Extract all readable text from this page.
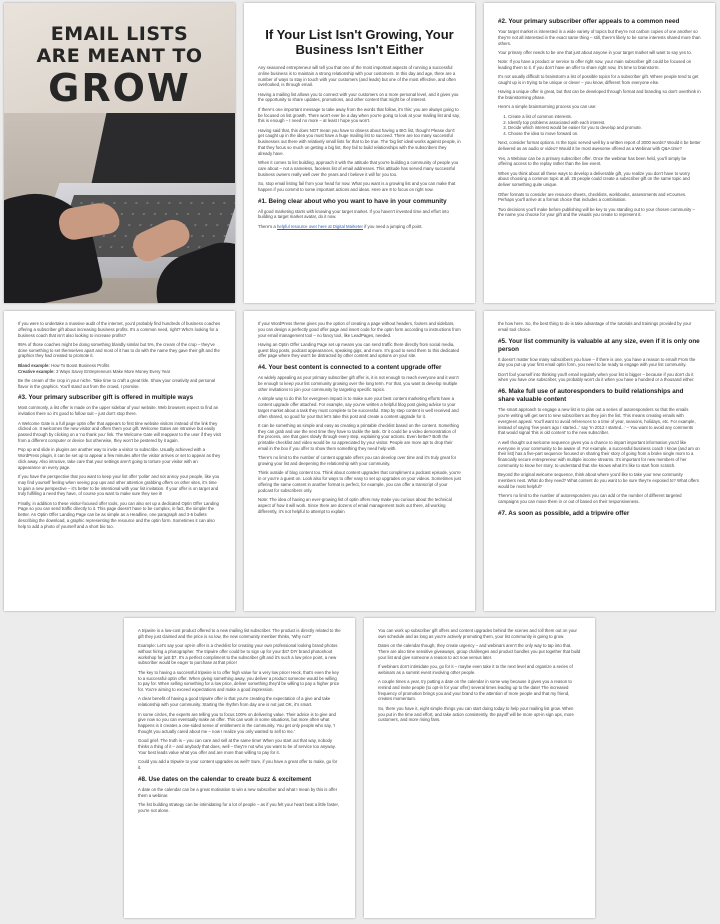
EMAIL LISTS
ARE MEANT TO
GROW
If Your List Isn't Growing, Your Business Isn't Either

Any seasoned entrepreneur will tell you that one of the most important aspects of running a successful online business is to maintain a strong relationship with your customers. In this day and age, there are a number of ways to stay in touch with your customers (and leads) but one of the most effective, and often overlooked, is through email.

Having a mailing list allows you to connect with your customers on a more personal level, and it gives you the opportunity to share updates, promotions, and other content that might be of interest.

If there's one important message to take away from the words that follow, it's this: you are always going to be focused on list growth. There won't ever be a day when you're going to look at your mailing list and say, this is enough – I need no more – at least I hope you won't.

Having said that, this does NOT mean you have to obsess about having a BIG list, though! Please don't get caught up in the idea you must have a huge mailing list to succeed. There are too many successful businesses out there with relatively small lists for that to be true. The 'big list' ideal works against people, in that they focus so much on getting a big list, they fail to build relationships with the subscribers they already have.

When it comes to list building, approach it with the attitude that you're building a community of people you care about – not a nameless, faceless list of email addresses. This attitude has served many successful business owners really well over the years and I believe it will for you too.

So, stop email listing fail from your head for now. What you want is a growing list and you can make that happen if you commit to some important actions and ideas. Here are 8 to focus on right now.

#1. Being clear about who you want to have in your community

All good marketing starts with knowing your target market. If you haven't invested time and effort into building a target market avatar, do it now.

There's a helpful resource over here at Digital Marketer if you need a jumping off point.

#2. Your primary subscriber offer appeals to a common need

Your target market is interested in a wide variety of topics but they're not carbon copies of one another so they're not all interested in the exact same thing – still, there's likely to be some interests shared more than others.

Your primary offer needs to be one that just about anyone in your target market will want to say yes to.

Note: If you have a product or service to offer right now, your main subscriber gift could be focused on leading them to it. If you don't have an offer to share right now, it's time to brainstorm.

It's not usually difficult to brainstorm a list of possible topics for a subscriber gift. Where people tend to get caught up is in trying to be unique or clever – you know, different from everyone else.

Having a unique offer is great, but that can be developed through format and branding so don't overthink in the brainstorming phase.

Here's a simple brainstorming process you can use:

1. Create a list of common interests.
2. Identify top problems associated with each interest.
3. Decide which interest would be easier for you to develop and promote.
4. Choose the idea to move forward on.

Next, consider format options. Is the topic served well by a written report of 3000 words? Would it be better delivered as an audio or video? Would it be most awesome offered as a Webinar with Q&A time?

Yes, a Webinar can be a primary subscriber offer. Once the webinar has been held, you'll simply be offering access to the replay rather than the live event.

When you think about all these ways to develop a deliverable gift, you realize you don't have to worry about choosing a common topic at all. 25 people could create a subscriber gift on the same topic and deliver something quite unique.

Other formats to consider are resource sheets, checklists, workbooks, assessments and eCourses. Perhaps you'll arrive at a format choice that includes a combination.

Two decisions you'll make before publishing will be key to you standing out to your chosen community – the name you choose for your gift and the visuals you create to represent it.

If you were to undertake a massive audit of the internet, you'd probably find hundreds of business coaches offering a subscriber gift about increasing business profits. It's a common need, right? Who's looking for a business coach that isn't also looking to increase profits?

95% of those coaches might be doing something blandly similar but 5%, the cream of the crop – they've done something to set themselves apart and most of it has to do with the name they gave their gift and the graphics they had created to promote it.

Bland example: How To Boost Business Profits

Creative example: 3 Ways Savvy Entrepreneurs Make More Money Every Year

Be the cream of the crop in your niche. Take time to craft a great title. Show your creativity and personal flavor in the graphics. You'll stand out from the crowd, I promise.

#3. Your primary subscriber gift is offered in multiple ways

Most commonly, a list offer is made on the upper sidebar of your website. Web browsers expect to find an invitation there so it's good to follow suit – just don't stop there.

A Welcome Gate is a full page optin offer that appears to first time website visitors instead of the link they clicked on. It welcomes the new visitor and offers them your gift. Welcome Gates are intrusive but easily passed through by clicking on a 'no thank you' link. The Welcome Gate will reappear to the user if they visit from a different computer or device but otherwise, they won't be pestered by it again.

Pop up and slide in plugins are another way to invite a visitor to subscribe. Usually achieved with a WordPress plugin, it can be set up to appear a few minutes after the visitor arrives or set to appear as they click away. Also intrusive, take care that your settings aren't going to torture your visitor with an appearance on every page.

If you have the perspective that you want to keep your list offer 'polite' and not annoy your people, like you may find yourself feeling when seeing pop ups and other attention grabbing offers on other sites, it's time to gain a new perspective – it's better to be intentional with your list invitation. If your offer is on target and truly fulfilling a need they have, of course you want to make sure they see it!

Finally, in addition to these visitor-focused offer tools, you can also set up a dedicated Optin Offer Landing Page so you can send traffic directly to it. This page doesn't have to be complex, in fact, the simpler the better. An Optin Offer Landing Page can be as simple as a Headline, one paragraph and 3-5 bullets describing the download, a graphic representing the resource and the optin form. Sometimes it can also help to add a photo of yourself and a short bio too.

If your WordPress theme gives you the option of creating a page without headers, footers and sidebars, you can design a perfectly good offer page and insert code for the optin form according to instructions from your email management tool – no fancy tool, like LeadPages, needed.

Having an Optin Offer Landing Page set up means you can send traffic there directly from social media, guest blog posts, podcast appearances, speaking gigs, and more. It's good to send them to this dedicated offer page where they won't be distracted by other content and options on your site.

#4. Your best content is connected to a content upgrade offer

As widely appealing as your primary subscriber gift offer is, it is not enough to reach everyone and it won't be enough to keep your list community growing over the long term. For that, you want to develop multiple other invitations to join your community by targeting specific topics.

A simple way to do this for evergreen impact is to make sure your best content marketing efforts have a content upgrade offer attached. For example, say you've written a helpful blog post giving advice to your target market about a task they must complete to be successful. Step by step content is well received and often shared, so good for you! But let's take this post and create a content upgrade for it.

It can be something as simple and easy as creating a printable checklist based on the content. Something they can grab and use the next time they have to tackle the task. Or it could be a video demonstration of the process, one that goes slowly through every step, explaining your actions. Even better? Both the printable checklist and video would be so appreciated by your visitor. People are more apt to drop their email in the box if you offer to show them something they need help with.

There's no limit to the number of content upgrade offers you can develop over time and it's truly great for growing your list and deepening the relationship with your community.

Think outside of blog content too. Think about content upgrades that compliment a podcast episode, you're in or you're a guest on. Look also for ways to offer easy to set up upgrades on your videos. Sometimes just offering the same content in another format is perfect, for example, you can offer a transcript of your podcast for subscribers only.

Note: The idea of having an ever-growing list of optin offers may make you curious about the technical aspect of how it will work. Since there are dozens of email management tools out there, all working differently, it's not helpful to attempt to explain

the how here. So, the best thing to do is take advantage of the tutorials and trainings provided by your email tool choice.

#5. Your list community is valuable at any size, even if it is only one person

It doesn't matter how many subscribers you have – if there is one, you have a reason to email! From the day you put up your first email optin form, you need to be ready to engage with your list community.

Don't fool yourself into thinking you'll email regularly when your list is bigger – because if you don't do it when you have one subscriber, you probably won't do it when you have a hundred or a thousand either.

#6. Make full use of autoresponders to build relationships and share valuable content

The smart approach to engage a new list is to plan out a series of autoresponders so that the emails you're writing will get sent to new subscribers as they join the list. This means creating emails with evergreen appeal. You'll want to avoid references to a time of year, seasons, holidays, etc. For example, instead of saying 'few years ago I started...' say 'In 2012 I started...' – You want to avoid any comments that would signal 'this is old content' to the new subscriber.

A well thought out welcome sequence gives you a chance to impart important information you'd like everyone in your community to be aware of. For example, a successful business coach I know (and am on their list) has a five-part sequence focused on sharing their story of going from a broke single mom to a financially secure entrepreneur with multiple income streams. It's important for new members of her community to know her story, to understand that she knows what it's like to start from scratch.

Beyond the original welcome sequence, think about where you'd like to take your new community members next. What do they need? What content do you want to be sure they're exposed to? What offers would be most helpful?

There's no limit to the number of autoresponders you can add or the number of different targeted campaigns you can move them in or out of based on their responsiveness.

#7. As soon as possible, add a tripwire offer

A tripwire is a low-cost product offered to a new mailing list subscriber. The product is directly related to the gift they just claimed and the price is so low, the new community member thinks, 'Why not?'

Example: Let's say your opt-in offer is a checklist for creating your own professional looking brand photos without hiring a photographer. The tripwire offer could be to sign up for your $47 DIY brand photoshoot workshop for just $7. It's a perfect compliment to the subscriber gift and it's such a low price point, a new subscriber would be eager to purchase at that price!

The key to having a successful tripwire is to offer high value for a very low price! Heck, that's even the key to a successful optin offer. When giving something away, you deliver a product someone would be willing to pay for. When selling something for a low price, deliver something they'd be willing to pay a higher price for. You're aiming to exceed expectations and make a good impression.

A clear benefit of having a good tripwire offer is that you're creating the expectation of a give and take relationship with your community. Starting the rhythm from day one is not just OK, it's smart.

In some circles, the experts are telling you to focus 100% on delivering value. Their advice is to give and give now so you can eventually make an offer. This can work in some situations, but more often what happens is it creates a one-sided sense of entitlement in the community. You get only people who say, 'I thought you actually cared about me – now I realize you only wanted to sell to me.'

Good grief. The truth is – you can care and sell at the same time! When you start out that way, nobody thinks a thing of it – and anybody that does, well – they're not who you want to be of service too anyway. Your best leads value what you offer and are more than willing to pay for it.

Could you add a tripwire to your content upgrades as well? Sure, if you have a great offer to make, go for it.

#8. Use dates on the calendar to create buzz & excitement

A date on the calendar can be a great motivation to win a new subscriber and what I mean by this is offer them a webinar.

The list building strategy can be intimidating for a lot of people – as if you felt your heart beat a little faster, you're not alone.

You can work up subscriber gift offers and content upgrades behind the scenes and roll them out on your own schedule and as long as you're actively promoting them, your list community is going to grow.

Dates on the calendar though, they create urgency – and webinars aren't the only way to tap into that. There are also time sensitive giveaways, group challenges and product bundles you put together that build your list and give someone a reason to act now versus later.

If webinars don't intimidate you, go for it – maybe even take it to the next level and organize a series of webinars as a summit event involving other people.

A couple times a year, try putting a date on the calendar in some way because it gives you a reason to remind and invite people (to opt-in for your offer) several times leading up to the date! The increased frequency of promotion brings you and your brand to the attention of more people and that my friend, creates momentum.

So, there you have it, eight simple things you can start doing today to help your mailing list grow. When you put in the time and effort, and take action consistently, the payoff will be more opt-in sign ups, more customers, and more rising fans.
